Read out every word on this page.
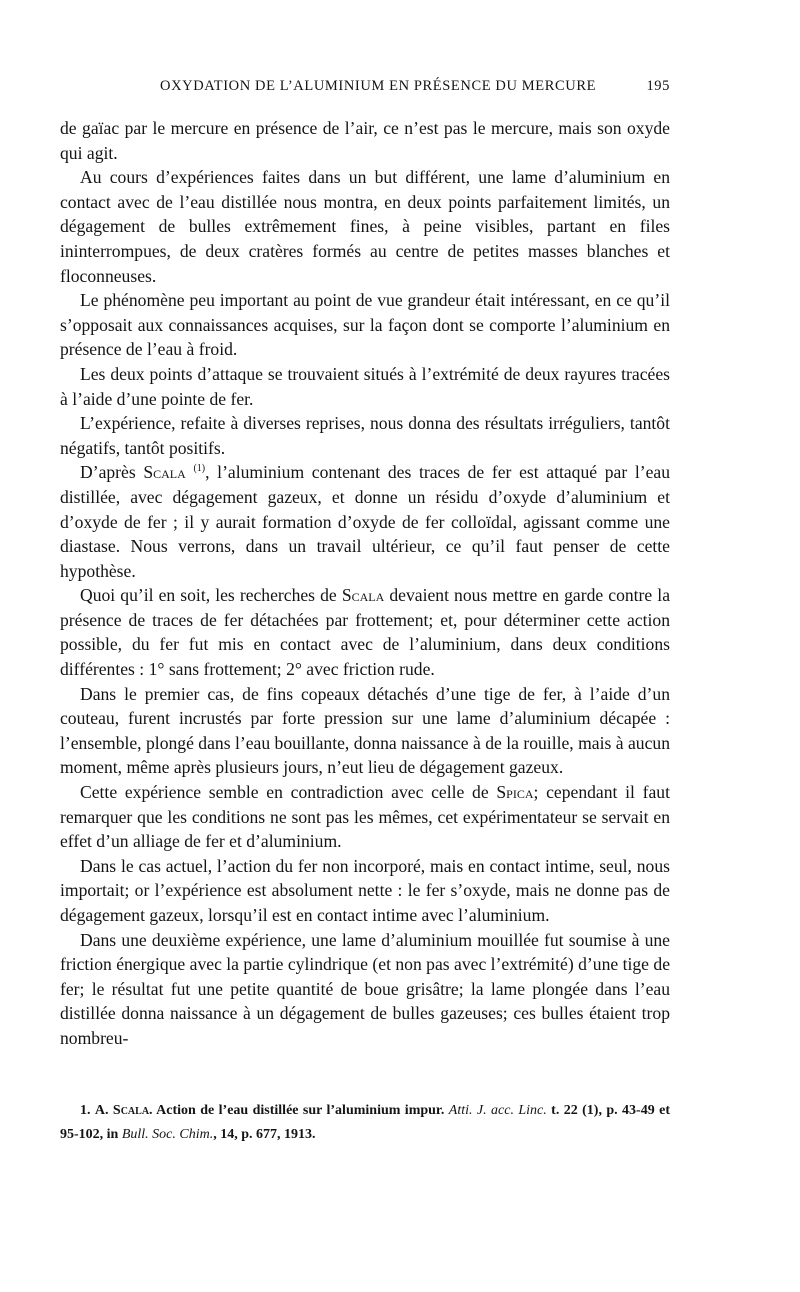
OXYDATION DE L’ALUMINIUM EN PRÉSENCE DU MERCURE	195

de gaïac par le mercure en présence de l’air, ce n’est pas le mercure, mais son oxyde qui agit.

Au cours d’expériences faites dans un but différent, une lame d’aluminium en contact avec de l’eau distillée nous montra, en deux points parfaitement limités, un dégagement de bulles extrêmement fines, à peine visibles, partant en files ininterrompues, de deux cratères formés au centre de petites masses blanches et floconneuses.

Le phénomène peu important au point de vue grandeur était intéressant, en ce qu’il s’opposait aux connaissances acquises, sur la façon dont se comporte l’aluminium en présence de l’eau à froid.

Les deux points d’attaque se trouvaient situés à l’extrémité de deux rayures tracées à l’aide d’une pointe de fer.

L’expérience, refaite à diverses reprises, nous donna des résultats irréguliers, tantôt négatifs, tantôt positifs.

D’après Scala $^{(1)}$, l’aluminium contenant des traces de fer est attaqué par l’eau distillée, avec dégagement gazeux, et donne un résidu d’oxyde d’aluminium et d’oxyde de fer ; il y aurait formation d’oxyde de fer colloïdal, agissant comme une diastase. Nous verrons, dans un travail ultérieur, ce qu’il faut penser de cette hypothèse.

Quoi qu’il en soit, les recherches de Scala devaient nous mettre en garde contre la présence de traces de fer détachées par frottement; et, pour déterminer cette action possible, du fer fut mis en contact avec de l’aluminium, dans deux conditions différentes : 1° sans frottement; 2° avec friction rude.

Dans le premier cas, de fins copeaux détachés d’une tige de fer, à l’aide d’un couteau, furent incrustés par forte pression sur une lame d’aluminium décapée : l’ensemble, plongé dans l’eau bouillante, donna naissance à de la rouille, mais à aucun moment, même après plusieurs jours, n’eut lieu de dégagement gazeux.

Cette expérience semble en contradiction avec celle de Spica; cependant il faut remarquer que les conditions ne sont pas les mêmes, cet expérimentateur se servait en effet d’un alliage de fer et d’aluminium.

Dans le cas actuel, l’action du fer non incorporé, mais en contact intime, seul, nous importait; or l’expérience est absolument nette : le fer s’oxyde, mais ne donne pas de dégagement gazeux, lorsqu’il est en contact intime avec l’aluminium.

Dans une deuxième expérience, une lame d’aluminium mouillée fut soumise à une friction énergique avec la partie cylindrique (et non pas avec l’extrémité) d’une tige de fer; le résultat fut une petite quantité de boue grisâtre; la lame plongée dans l’eau distillée donna naissance à un dégagement de bulles gazeuses; ces bulles étaient trop nombreu-

1. A. Scala. Action de l’eau distillée sur l’aluminium impur. Atti. J. acc. Linc. t. 22 (1), p. 43-49 et 95-102, in Bull. Soc. Chim., 14, p. 677, 1913.
